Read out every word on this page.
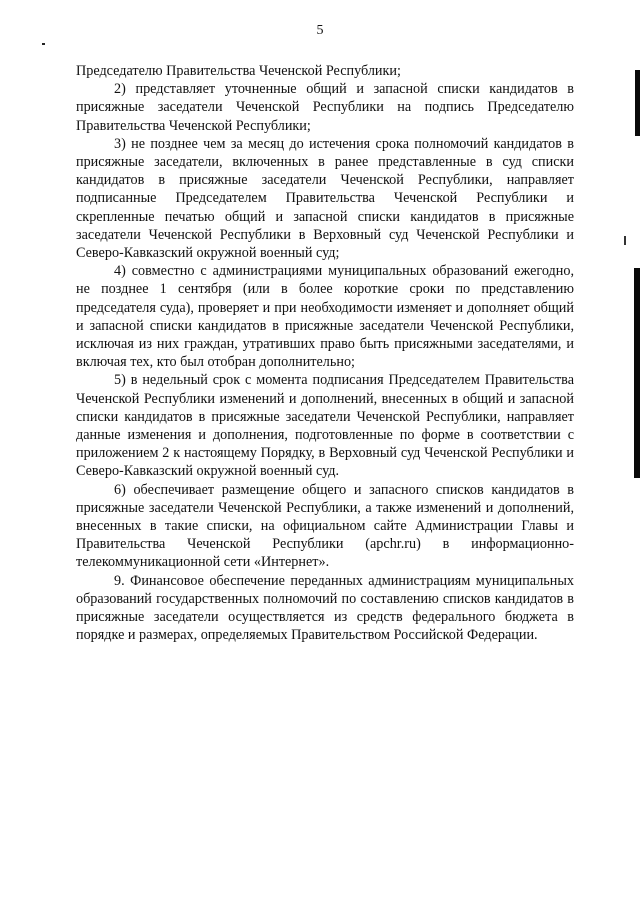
5

Председателю Правительства Чеченской Республики;

2) представляет уточненные общий и запасной списки кандидатов в присяжные заседатели Чеченской Республики на подпись Председателю Правительства Чеченской Республики;

3) не позднее чем за месяц до истечения срока полномочий кандидатов в присяжные заседатели, включенных в ранее представленные в суд списки кандидатов в присяжные заседатели Чеченской Республики, направляет подписанные Председателем Правительства Чеченской Республики и скрепленные печатью общий и запасной списки кандидатов в присяжные заседатели Чеченской Республики в Верховный суд Чеченской Республики и Северо-Кавказский окружной военный суд;

4) совместно с администрациями муниципальных образований ежегодно, не позднее 1 сентября (или в более короткие сроки по представлению председателя суда), проверяет и при необходимости изменяет и дополняет общий и запасной списки кандидатов в присяжные заседатели Чеченской Республики, исключая из них граждан, утративших право быть присяжными заседателями, и включая тех, кто был отобран дополнительно;

5) в недельный срок с момента подписания Председателем Правительства Чеченской Республики изменений и дополнений, внесенных в общий и запасной списки кандидатов в присяжные заседатели Чеченской Республики, направляет данные изменения и дополнения, подготовленные по форме в соответствии с приложением 2 к настоящему Порядку, в Верховный суд Чеченской Республики и Северо-Кавказский окружной военный суд.

6) обеспечивает размещение общего и запасного списков кандидатов в присяжные заседатели Чеченской Республики, а также изменений и дополнений, внесенных в такие списки, на официальном сайте Администрации Главы и Правительства Чеченской Республики (apchr.ru) в информационно-телекоммуникационной сети «Интернет».

9. Финансовое обеспечение переданных администрациям муниципальных образований государственных полномочий по составлению списков кандидатов в присяжные заседатели осуществляется из средств федерального бюджета в порядке и размерах, определяемых Правительством Российской Федерации.
